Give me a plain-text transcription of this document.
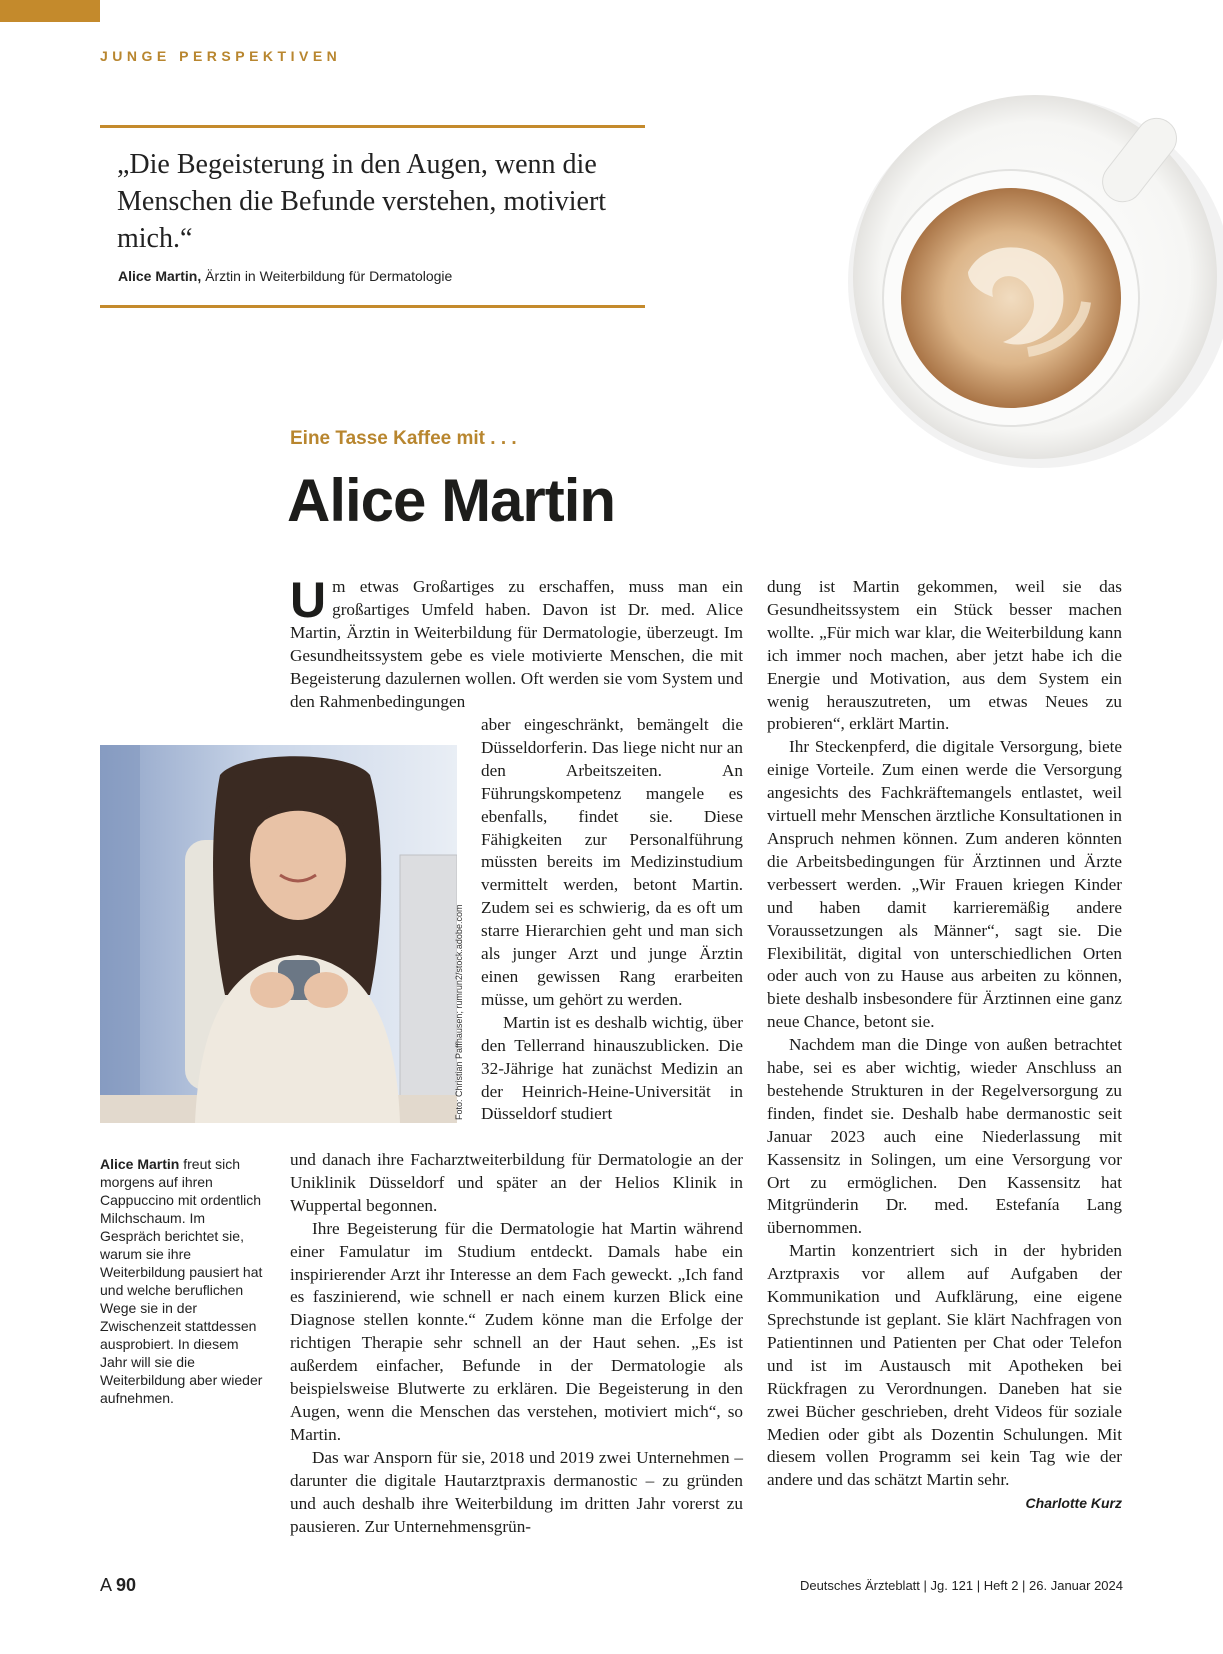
JUNGE PERSPEKTIVEN
„Die Begeisterung in den Augen, wenn die Menschen die Befunde verstehen, motiviert mich.“
Alice Martin, Ärztin in Weiterbildung für Dermatologie
Eine Tasse Kaffee mit . . .
Alice Martin

Um etwas Großartiges zu erschaffen, muss man ein großartiges Umfeld haben. Davon ist Dr. med. Alice Martin, Ärztin in Weiterbildung für Dermatologie, überzeugt. Im Gesundheitssystem gebe es viele motivierte Menschen, die mit Begeisterung dazulernen wollen. Oft werden sie vom System und den Rahmenbedingungen

aber eingeschränkt, bemängelt die Düsseldorferin. Das liege nicht nur an den Arbeitszeiten. An Führungskompetenz mangele es ebenfalls, findet sie. Diese Fähigkeiten zur Personalführung müssten bereits im Medizinstudium vermittelt werden, betont Martin. Zudem sei es schwierig, da es oft um starre Hierarchien geht und man sich als junger Arzt und junge Ärztin einen gewissen Rang erarbeiten müsse, um gehört zu werden.

Martin ist es deshalb wichtig, über den Tellerrand hinauszublicken. Die 32-Jährige hat zunächst Medizin an der Heinrich-Heine-Universität in Düsseldorf studiert

und danach ihre Facharztweiterbildung für Dermatologie an der Uniklinik Düsseldorf und später an der Helios Klinik in Wuppertal begonnen.

Ihre Begeisterung für die Dermatologie hat Martin während einer Famulatur im Studium entdeckt. Damals habe ein inspirierender Arzt ihr Interesse an dem Fach geweckt. „Ich fand es faszinierend, wie schnell er nach einem kurzen Blick eine Diagnose stellen konnte.“ Zudem könne man die Erfolge der richtigen Therapie sehr schnell an der Haut sehen. „Es ist außerdem einfacher, Befunde in der Dermatologie als beispielsweise Blutwerte zu erklären. Die Begeisterung in den Augen, wenn die Menschen das verstehen, motiviert mich“, so Martin.

Das war Ansporn für sie, 2018 und 2019 zwei Unternehmen – darunter die digitale Hautarztpraxis dermanostic – zu gründen und auch deshalb ihre Weiterbildung im dritten Jahr vorerst zu pausieren. Zur Unternehmensgrün-

dung ist Martin gekommen, weil sie das Gesundheitssystem ein Stück besser machen wollte. „Für mich war klar, die Weiterbildung kann ich immer noch machen, aber jetzt habe ich die Energie und Motivation, aus dem System ein wenig herauszutreten, um etwas Neues zu probieren“, erklärt Martin.

Ihr Steckenpferd, die digitale Versorgung, biete einige Vorteile. Zum einen werde die Versorgung angesichts des Fachkräftemangels entlastet, weil virtuell mehr Menschen ärztliche Konsultationen in Anspruch nehmen können. Zum anderen könnten die Arbeitsbedingungen für Ärztinnen und Ärzte verbessert werden. „Wir Frauen kriegen Kinder und haben damit karrieremäßig andere Voraussetzungen als Männer“, sagt sie. Die Flexibilität, digital von unterschiedlichen Orten oder auch von zu Hause aus arbeiten zu können, biete deshalb insbesondere für Ärztinnen eine ganz neue Chance, betont sie.

Nachdem man die Dinge von außen betrachtet habe, sei es aber wichtig, wieder Anschluss an bestehende Strukturen in der Regelversorgung zu finden, findet sie. Deshalb habe dermanostic seit Januar 2023 auch eine Niederlassung mit Kassensitz in Solingen, um eine Versorgung vor Ort zu ermöglichen. Den Kassensitz hat Mitgründerin Dr. med. Estefanía Lang übernommen.

Martin konzentriert sich in der hybriden Arztpraxis vor allem auf Aufgaben der Kommunikation und Aufklärung, eine eigene Sprechstunde ist geplant. Sie klärt Nachfragen von Patientinnen und Patienten per Chat oder Telefon und ist im Austausch mit Apotheken bei Rückfragen zu Verordnungen. Daneben hat sie zwei Bücher geschrieben, dreht Videos für soziale Medien oder gibt als Dozentin Schulungen. Mit diesem vollen Programm sei kein Tag wie der andere und das schätzt Martin sehr.
Charlotte Kurz

Foto: Christian Paffhausen; rumrun2/stock.adobe.com
Alice Martin freut sich morgens auf ihren Cappuccino mit ordentlich Milchschaum. Im Gespräch berichtet sie, warum sie ihre Weiterbildung pausiert hat und welche beruflichen Wege sie in der Zwischenzeit stattdessen ausprobiert. In diesem Jahr will sie die Weiterbildung aber wieder aufnehmen.
A 90	Deutsches Ärzteblatt | Jg. 121 | Heft 2 | 26. Januar 2024
